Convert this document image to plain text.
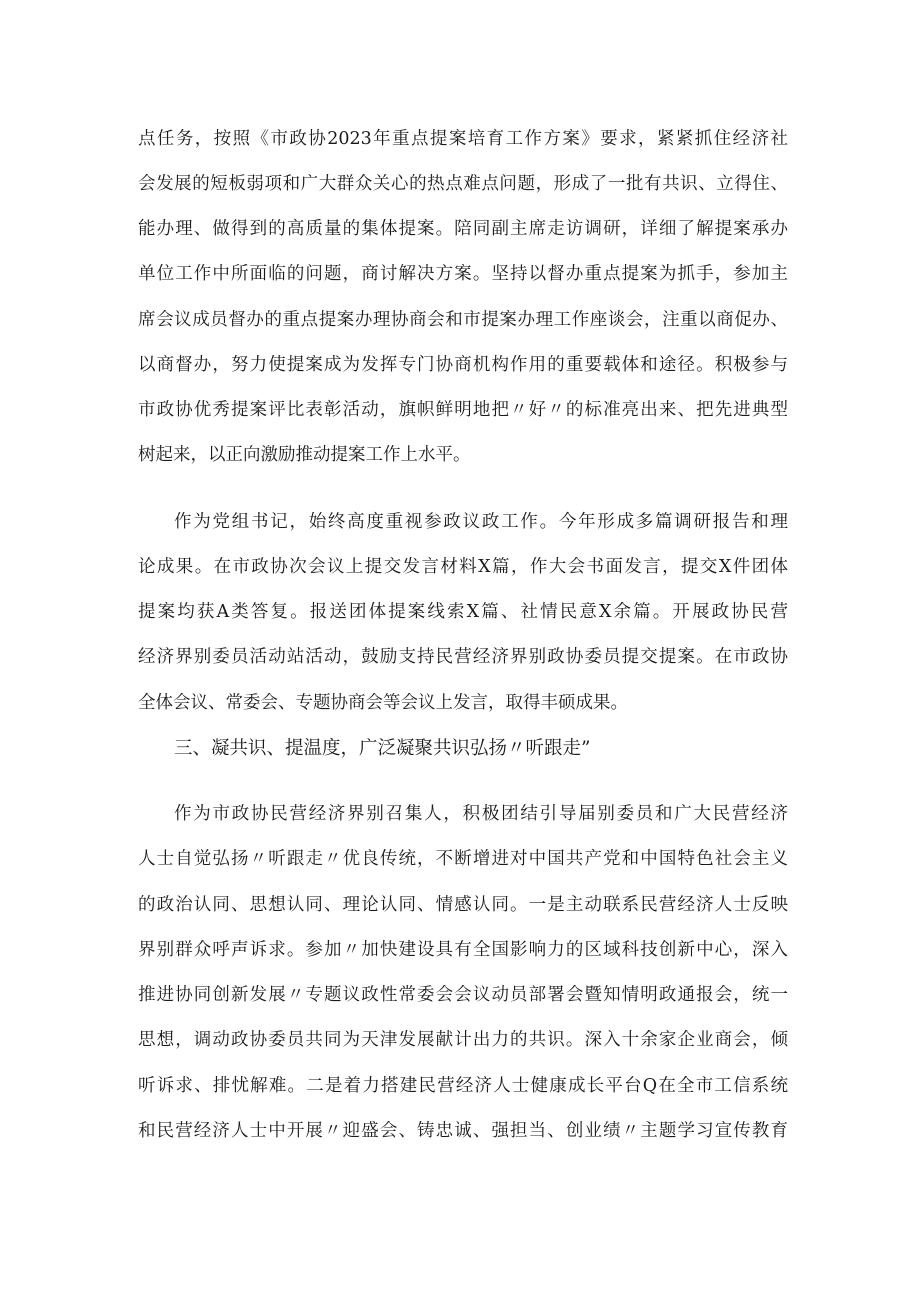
点任务，按照《市政协2023年重点提案培育工作方案》要求，紧紧抓住经济社
会发展的短板弱项和广大群众关心的热点难点问题，形成了一批有共识、立得住、
能办理、做得到的高质量的集体提案。陪同副主席走访调研，详细了解提案承办
单位工作中所面临的问题，商讨解决方案。坚持以督办重点提案为抓手，参加主
席会议成员督办的重点提案办理协商会和市提案办理工作座谈会，注重以商促办、
以商督办，努力使提案成为发挥专门协商机构作用的重要载体和途径。积极参与
市政协优秀提案评比表彰活动，旗帜鲜明地把〃好〃的标准亮出来、把先进典型
树起来，以正向激励推动提案工作上水平。
作为党组书记，始终高度重视参政议政工作。今年形成多篇调研报告和理
论成果。在市政协次会议上提交发言材料X篇，作大会书面发言，提交X件团体
提案均获A类答复。报送团体提案线索X篇、社情民意X余篇。开展政协民营
经济界别委员活动站活动，鼓励支持民营经济界别政协委员提交提案。在市政协
全体会议、常委会、专题协商会等会议上发言，取得丰硕成果。
三、凝共识、提温度，广泛凝聚共识弘扬〃听跟走”
作为市政协民营经济界别召集人，积极团结引导届别委员和广大民营经济
人士自觉弘扬〃听跟走〃优良传统，不断增进对中国共产党和中国特色社会主义
的政治认同、思想认同、理论认同、情感认同。一是主动联系民营经济人士反映
界别群众呼声诉求。参加〃加快建设具有全国影响力的区域科技创新中心，深入
推进协同创新发展〃专题议政性常委会会议动员部署会暨知情明政通报会，统一
思想，调动政协委员共同为天津发展献计出力的共识。深入十余家企业商会，倾
听诉求、排忧解难。二是着力搭建民营经济人士健康成长平台Q在全市工信系统
和民营经济人士中开展〃迎盛会、铸忠诚、强担当、创业绩〃主题学习宣传教育
